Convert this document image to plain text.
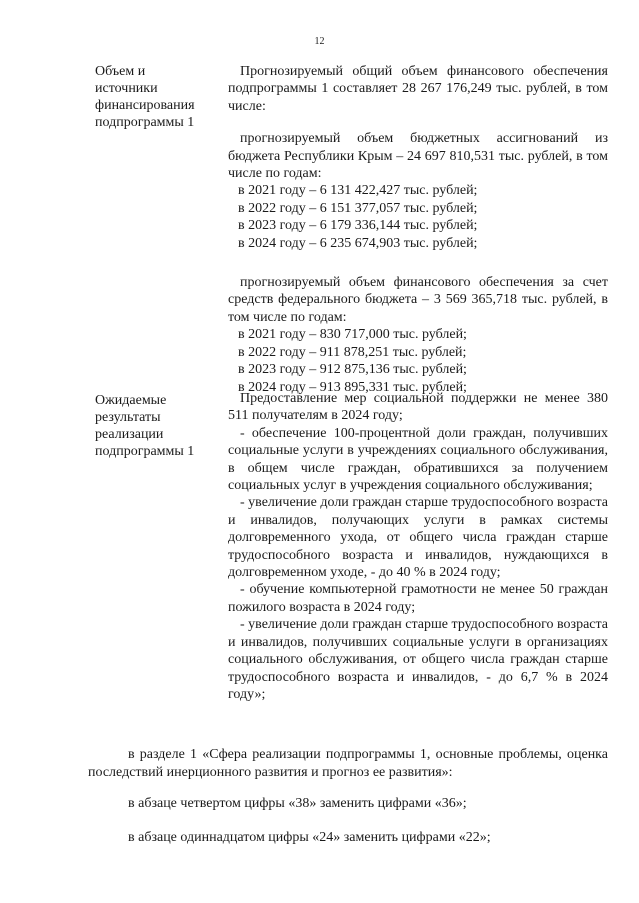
12
Объем и
источники
финансирования
подпрограммы 1

Прогнозируемый общий объем финансового обеспечения подпрограммы 1 составляет 28 267 176,249 тыс. рублей, в том числе:

прогнозируемый объем бюджетных ассигнований из бюджета Республики Крым – 24 697 810,531 тыс. рублей, в том числе по годам:

в 2021 году – 6 131 422,427 тыс. рублей;
в 2022 году – 6 151 377,057 тыс. рублей;
в 2023 году – 6 179 336,144 тыс. рублей;
в 2024 году – 6 235 674,903 тыс. рублей;

прогнозируемый объем финансового обеспечения за счет средств федерального бюджета – 3 569 365,718 тыс. рублей, в том числе по годам:

в 2021 году – 830 717,000 тыс. рублей;
в 2022 году – 911 878,251 тыс. рублей;
в 2023 году – 912 875,136 тыс. рублей;
в 2024 году – 913 895,331 тыс. рублей;
Ожидаемые
результаты
реализации
подпрограммы 1

Предоставление мер социальной поддержки не менее 380 511 получателям в 2024 году;

- обеспечение 100-процентной доли граждан, получивших социальные услуги в учреждениях социального обслуживания, в общем числе граждан, обратившихся за получением социальных услуг в учреждения социального обслуживания;

- увеличение доли граждан старше трудоспособного возраста и инвалидов, получающих услуги в рамках системы долговременного ухода, от общего числа граждан старше трудоспособного возраста и инвалидов, нуждающихся в долговременном уходе, - до 40 % в 2024 году;

- обучение компьютерной грамотности не менее 50 граждан пожилого возраста в 2024 году;

- увеличение доли граждан старше трудоспособного возраста и инвалидов, получивших социальные услуги в организациях социального обслуживания, от общего числа граждан старше трудоспособного возраста и инвалидов, - до 6,7 % в 2024 году»;

в разделе 1 «Сфера реализации подпрограммы 1, основные проблемы, оценка последствий инерционного развития и прогноз ее развития»:
в абзаце четвертом цифры «38» заменить цифрами «36»;
в абзаце одиннадцатом цифры «24» заменить цифрами «22»;
